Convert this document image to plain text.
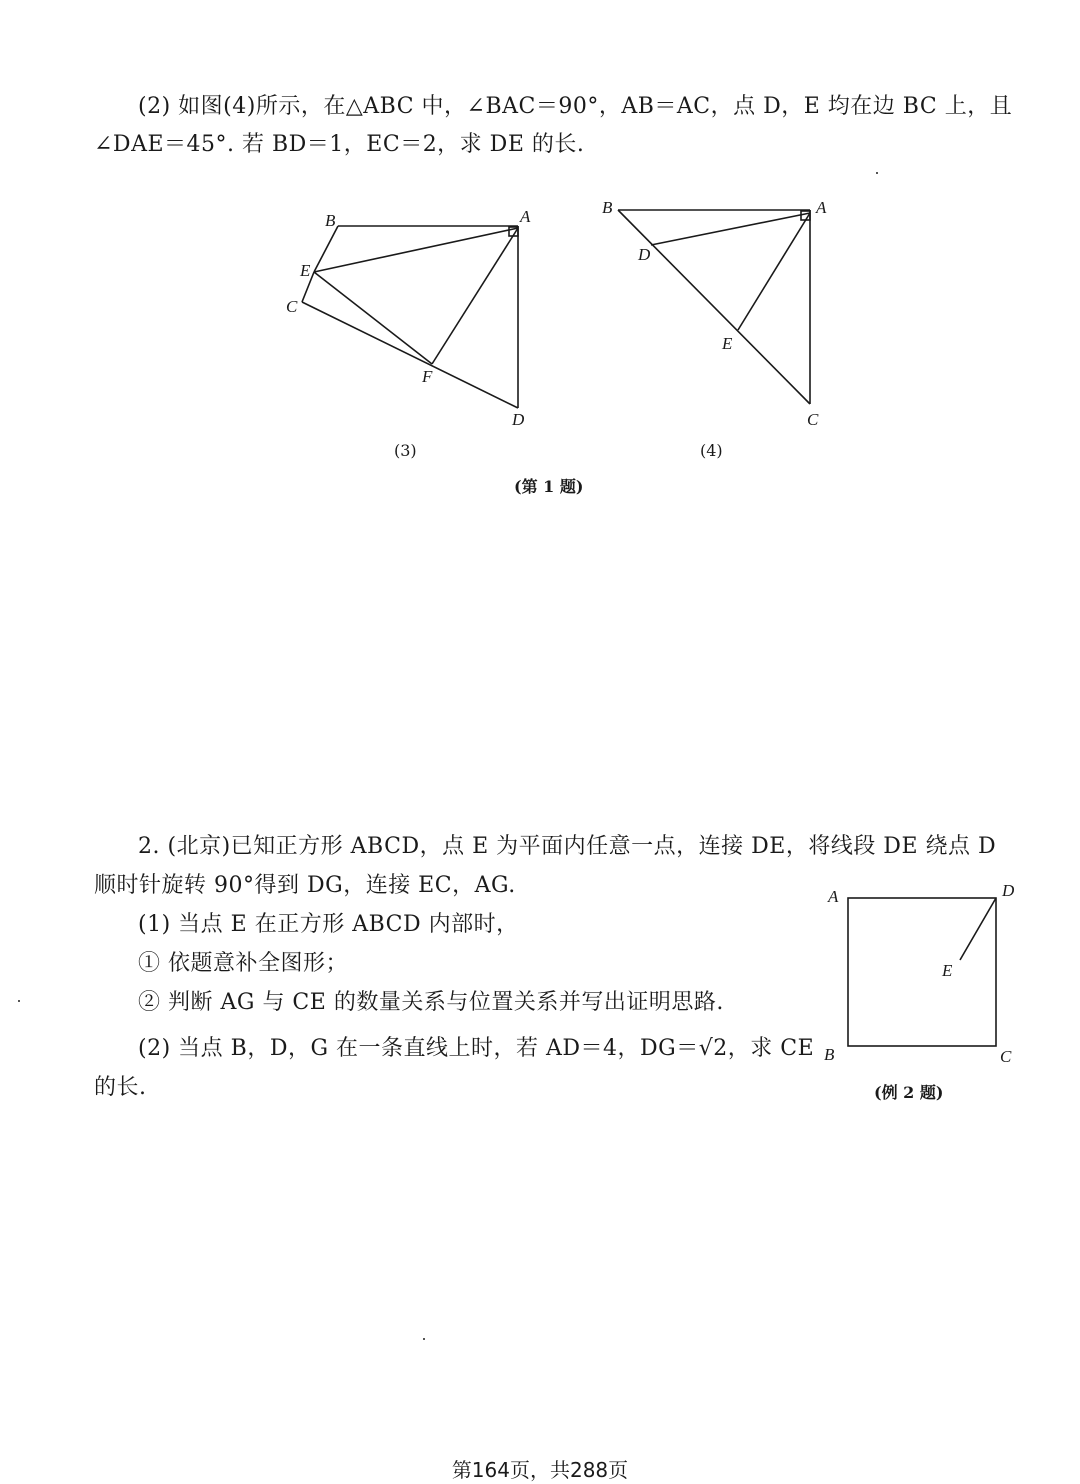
(2) 如图(4)所示，在△ABC 中，∠BAC＝90°，AB＝AC，点 D，E 均在边 BC 上，且
∠DAE＝45°. 若 BD＝1，EC＝2，求 DE 的长.
B	A
E
C
F
D
(3)
B	A
D
E
C
(4)
(第 1 题)
2. (北京)已知正方形 ABCD，点 E 为平面内任意一点，连接 DE，将线段 DE 绕点 D
顺时针旋转 90°得到 DG，连接 EC，AG.
(1) 当点 E 在正方形 ABCD 内部时，
① 依题意补全图形；
② 判断 AG 与 CE 的数量关系与位置关系并写出证明思路.
(2) 当点 B，D，G 在一条直线上时，若 AD＝4，DG＝√2，求 CE
的长.
A	D
E
B	C
(例 2 题)
第164页，共288页
